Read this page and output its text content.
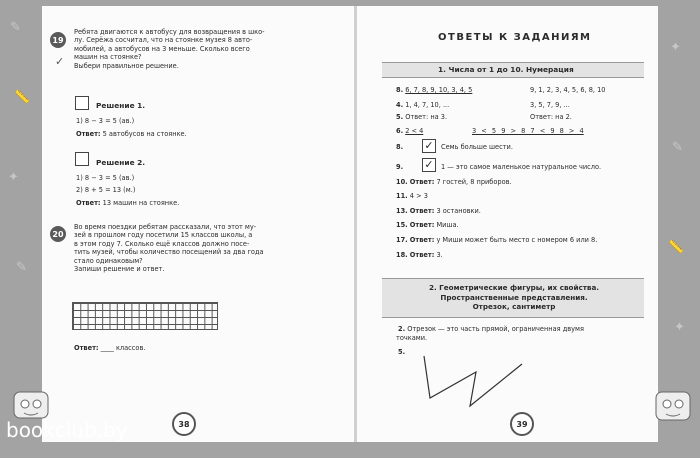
✎
📏
✦
✎
✦
✎
📏
✦
19
Ребята двигаются к автобусу для возвращения в шко-
лу. Серёжа сосчитал, что на стоянке музея 8 авто-
мобилей, а автобусов на 3 меньше. Сколько всего
машин на стоянке?
Выбери правильное решение.
✓
Решение 1.
1) 8 − 3 = 5 (ав.)
Ответ: 5 автобусов на стоянке.
Решение 2.
1) 8 − 3 = 5 (ав.)
2) 8 + 5 = 13 (м.)
Ответ: 13 машин на стоянке.
20
Во время поездки ребятам рассказали, что этот му-
зей в прошлом году посетили 15 классов школы, а
в этом году 7. Сколько ещё классов должно посе-
тить музей, чтобы количество посещений за два года
стало одинаковым?
Запиши решение и ответ.
Ответ: ____ классов.
38
ОТВЕТЫ К ЗАДАНИЯМ
1. Числа от 1 до 10. Нумерация
8. 6, 7, 8, 9, 10, 3, 4, 5	9, 1, 2, 3, 4, 5, 6, 8, 10
4. 1, 4, 7, 10, ...	3, 5, 7, 9, ...
5. Ответ: на 3.	Ответ: на 2.
6. 2 < 4	3 < 5 9 > 8 7 < 9 8 > 4
8. ✓	Семь больше шести.
9. ✓	1 — это самое маленькое натуральное число.
10. Ответ: 7 гостей, 8 приборов.
11. 4 > 3
13. Ответ: 3 остановки.
15. Ответ: Миша.
17. Ответ: у Миши может быть место с номером 6 или 8.
18. Ответ: 3.
2. Геометрические фигуры, их свойства.
Пространственные представления.
Отрезок, сантиметр
2. Отрезок — это часть прямой, ограниченная двумя
точками.
5.
39
bookclub.by
